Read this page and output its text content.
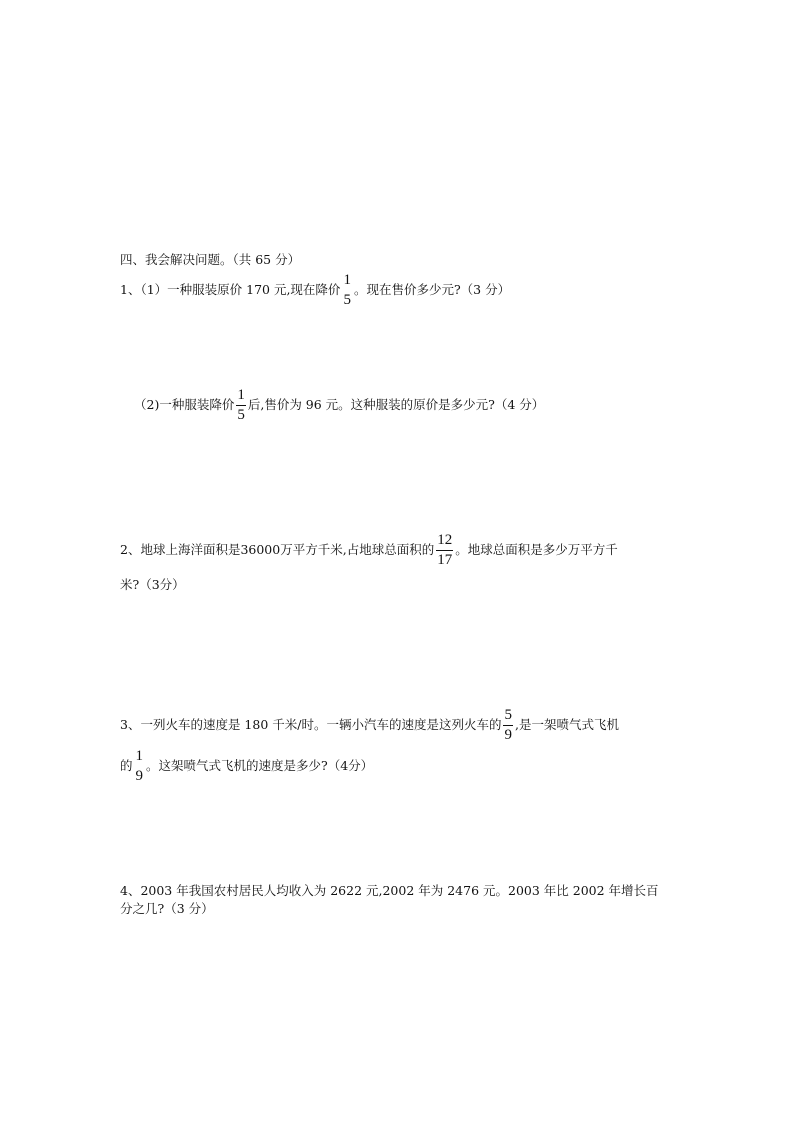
四、我会解决问题。（共 65 分）
1、（1）一种服装原价 170 元,现在降价
1
5
。现在售价多少元?（3 分）
（2)一种服装降价 $\frac{1}{5}$ 后,售价为 96 元。这种服装的原价是多少元?（4 分）
2、地球上海洋面积是36000万平方千米,占地球总面积的 $\frac{12}{17}$ 。地球总面积是多少万平方千
米?（3分）
3、一列火车的速度是 180 千米/时。一辆小汽车的速度是这列火车的 $\frac{5}{9}$ ,是一架喷气式飞机
的
1
9
。这架喷气式飞机的速度是多少?（4分）
4、2003 年我国农村居民人均收入为 2622 元,2002 年为 2476 元。2003 年比 2002 年增长百
分之几?（3 分）
